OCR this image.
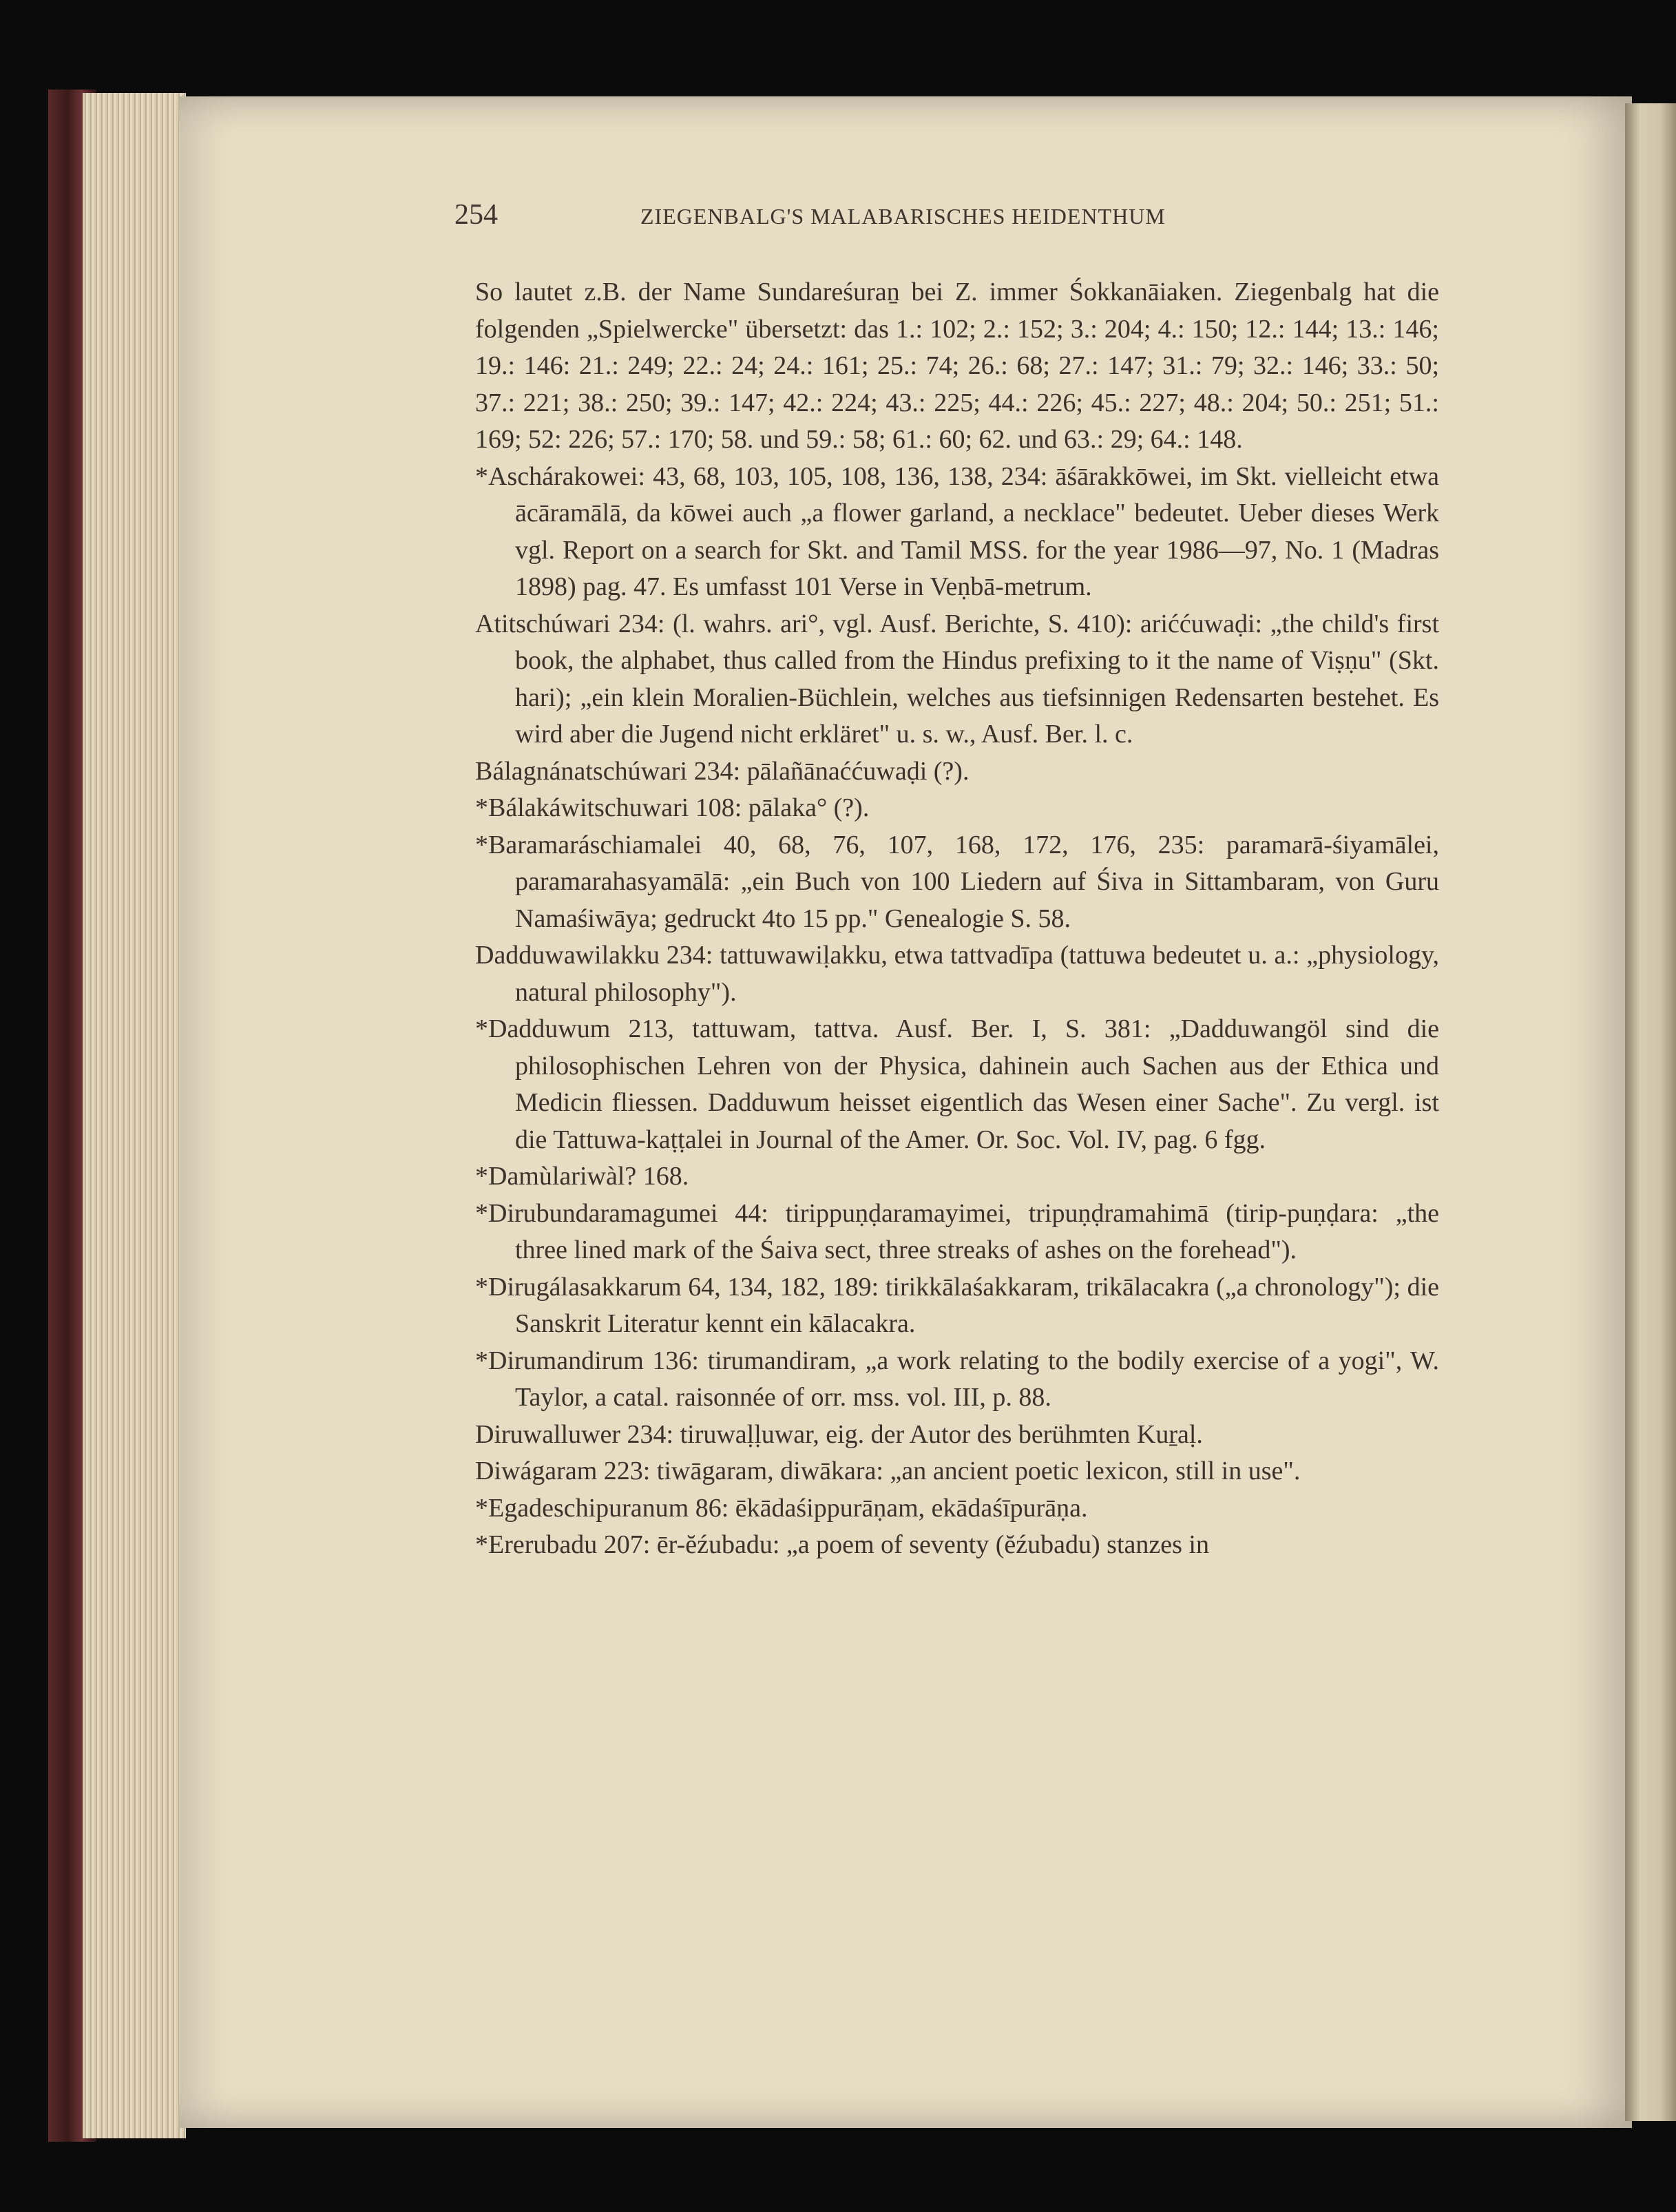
254	ZIEGENBALG'S MALABARISCHES HEIDENTHUM

So lautet z.B. der Name Sundareśuraṉ bei Z. immer Śokkanāiaken. Ziegenbalg hat die folgenden „Spielwercke" übersetzt: das 1.: 102; 2.: 152; 3.: 204; 4.: 150; 12.: 144; 13.: 146; 19.: 146: 21.: 249; 22.: 24; 24.: 161; 25.: 74; 26.: 68; 27.: 147; 31.: 79; 32.: 146; 33.: 50; 37.: 221; 38.: 250; 39.: 147; 42.: 224; 43.: 225; 44.: 226; 45.: 227; 48.: 204; 50.: 251; 51.: 169; 52: 226; 57.: 170; 58. und 59.: 58; 61.: 60; 62. und 63.: 29; 64.: 148.

*Aschárakowei: 43, 68, 103, 105, 108, 136, 138, 234: āśārakkōwei, im Skt. vielleicht etwa ācāramālā, da kōwei auch „a flower garland, a necklace" bedeutet. Ueber dieses Werk vgl. Report on a search for Skt. and Tamil MSS. for the year 1986—97, No. 1 (Madras 1898) pag. 47. Es umfasst 101 Verse in Veṇbā-metrum.

Atitschúwari 234: (l. wahrs. ari°, vgl. Ausf. Berichte, S. 410): ariććuwaḍi: „the child's first book, the alphabet, thus called from the Hindus prefixing to it the name of Viṣṇu" (Skt. hari); „ein klein Moralien-Büchlein, welches aus tiefsinnigen Redensarten bestehet. Es wird aber die Jugend nicht erkläret" u. s. w., Ausf. Ber. l. c.

Bálagnánatschúwari 234: pālañānaććuwaḍi (?).

*Bálakáwitschuwari 108: pālaka° (?).

*Baramaráschiamalei 40, 68, 76, 107, 168, 172, 176, 235: paramarā-śiyamālei, paramarahasyamālā: „ein Buch von 100 Liedern auf Śiva in Sittambaram, von Guru Namaśiwāya; gedruckt 4to 15 pp." Genealogie S. 58.

Dadduwawilakku 234: tattuwawiḷakku, etwa tattvadīpa (tattuwa bedeutet u. a.: „physiology, natural philosophy").

*Dadduwum 213, tattuwam, tattva. Ausf. Ber. I, S. 381: „Dadduwangöl sind die philosophischen Lehren von der Physica, dahinein auch Sachen aus der Ethica und Medicin fliessen. Dadduwum heisset eigentlich das Wesen einer Sache". Zu vergl. ist die Tattuwa-kaṭṭalei in Journal of the Amer. Or. Soc. Vol. IV, pag. 6 fgg.

*Damùlariwàl? 168.

*Dirubundaramagumei 44: tirippuṇḍaramayimei, tripuṇḍramahimā (tirip-puṇḍara: „the three lined mark of the Śaiva sect, three streaks of ashes on the forehead").

*Dirugálasakkarum 64, 134, 182, 189: tirikkālaśakkaram, trikālacakra („a chronology"); die Sanskrit Literatur kennt ein kālacakra.

*Dirumandirum 136: tirumandiram, „a work relating to the bodily exercise of a yogi", W. Taylor, a catal. raisonnée of orr. mss. vol. III, p. 88.

Diruwalluwer 234: tiruwaḷḷuwar, eig. der Autor des berühmten Kuṟaḷ.

Diwágaram 223: tiwāgaram, diwākara: „an ancient poetic lexicon, still in use".

*Egadeschipuranum 86: ēkādaśippurāṇam, ekādaśīpurāṇa.

*Ererubadu 207: ēr-ĕźubadu: „a poem of seventy (ĕźubadu) stanzes in
